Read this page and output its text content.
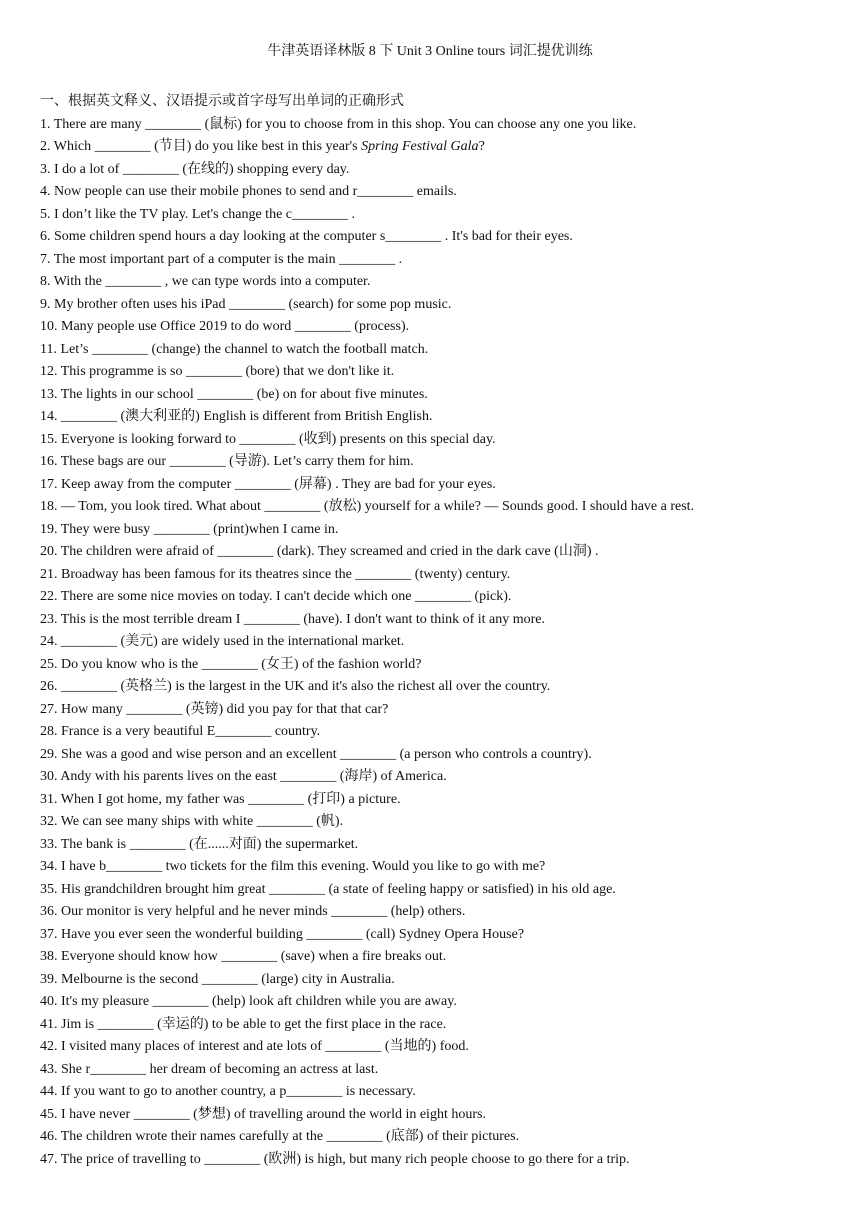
牛津英语译林版 8 下 Unit 3 Online tours 词汇提优训练
一、根据英文释义、汉语提示或首字母写出单词的正确形式
1. There are many ________ (鼠标) for you to choose from in this shop. You can choose any one you like.
2. Which ________ (节目) do you like best in this year's Spring Festival Gala?
3. I do a lot of ________ (在线的) shopping every day.
4. Now people can use their mobile phones to send and r________ emails.
5. I don’t like the TV play. Let's change the c________ .
6. Some children spend hours a day looking at the computer s________ . It's bad for their eyes.
7. The most important part of a computer is the main ________ .
8. With the ________ , we can type words into a computer.
9. My brother often uses his iPad ________ (search) for some pop music.
10. Many people use Office 2019 to do word ________ (process).
11. Let’s ________ (change) the channel to watch the football match.
12. This programme is so ________ (bore) that we don't like it.
13. The lights in our school ________ (be) on for about five minutes.
14. ________ (澳大利亚的) English is different from British English.
15. Everyone is looking forward to ________ (收到) presents on this special day.
16. These bags are our ________ (导游). Let’s carry them for him.
17. Keep away from the computer ________ (屏幕) . They are bad for your eyes.
18. — Tom, you look tired. What about ________ (放松) yourself for a while? — Sounds good. I should have a rest.
19. They were busy ________ (print)when I came in.
20. The children were afraid of ________ (dark). They screamed and cried in the dark cave (山洞) .
21. Broadway has been famous for its theatres since the ________ (twenty) century.
22. There are some nice movies on today. I can't decide which one ________ (pick).
23. This is the most terrible dream I ________ (have). I don't want to think of it any more.
24. ________ (美元) are widely used in the international market.
25. Do you know who is the ________ (女王) of the fashion world?
26. ________ (英格兰) is the largest in the UK and it's also the richest all over the country.
27. How many ________ (英镑) did you pay for that that car?
28. France is a very beautiful E________ country.
29. She was a good and wise person and an excellent ________ (a person who controls a country).
30. Andy with his parents lives on the east ________ (海岸) of America.
31. When I got home, my father was ________ (打印) a picture.
32. We can see many ships with white ________ (帆).
33. The bank is ________ (在......对面) the supermarket.
34. I have b________ two tickets for the film this evening. Would you like to go with me?
35. His grandchildren brought him great ________ (a state of feeling happy or satisfied) in his old age.
36. Our monitor is very helpful and he never minds ________ (help) others.
37. Have you ever seen the wonderful building ________ (call) Sydney Opera House?
38. Everyone should know how ________ (save) when a fire breaks out.
39. Melbourne is the second ________ (large) city in Australia.
40. It's my pleasure ________ (help) look aft children while you are away.
41. Jim is ________ (幸运的) to be able to get the first place in the race.
42. I visited many places of interest and ate lots of ________ (当地的) food.
43. She r________ her dream of becoming an actress at last.
44. If you want to go to another country, a p________ is necessary.
45. I have never ________ (梦想) of travelling around the world in eight hours.
46. The children wrote their names carefully at the ________ (底部) of their pictures.
47. The price of travelling to ________ (欧洲) is high, but many rich people choose to go there for a trip.
